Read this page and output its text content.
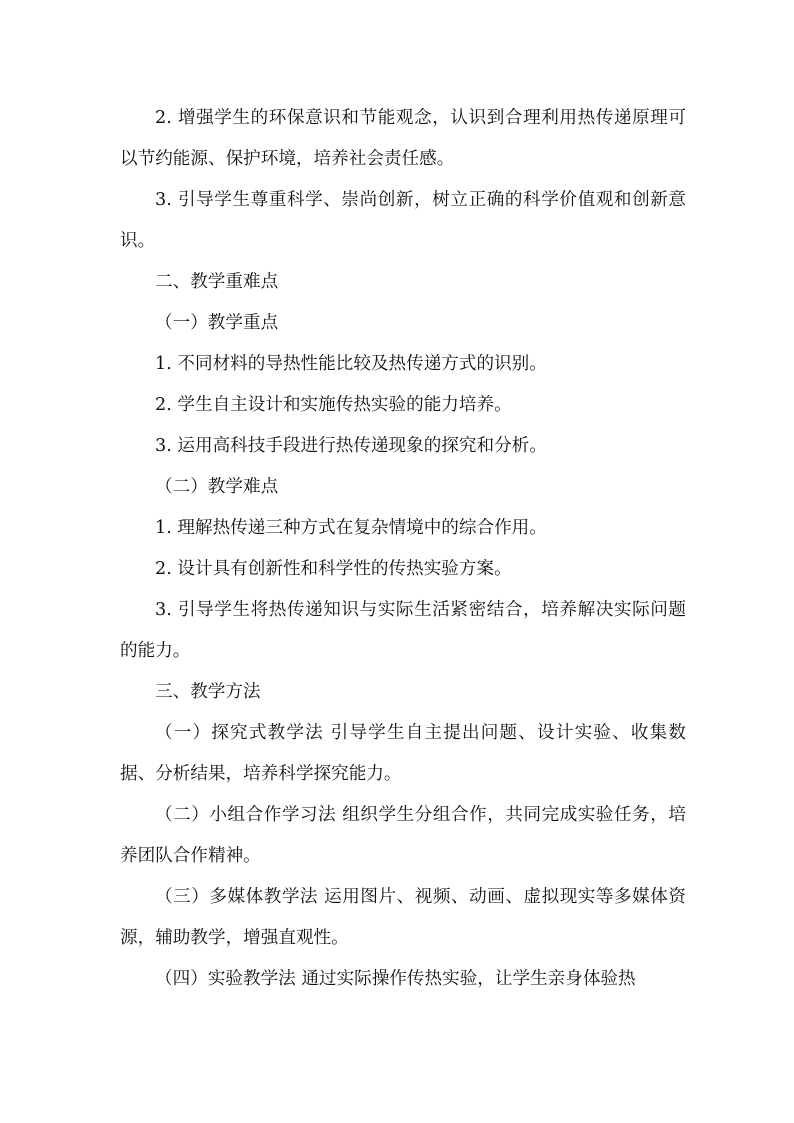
2. 增强学生的环保意识和节能观念，认识到合理利用热传递原理可以节约能源、保护环境，培养社会责任感。

3. 引导学生尊重科学、崇尚创新，树立正确的科学价值观和创新意识。

二、教学重难点

（一）教学重点

1. 不同材料的导热性能比较及热传递方式的识别。

2. 学生自主设计和实施传热实验的能力培养。

3. 运用高科技手段进行热传递现象的探究和分析。

（二）教学难点

1. 理解热传递三种方式在复杂情境中的综合作用。

2. 设计具有创新性和科学性的传热实验方案。

3. 引导学生将热传递知识与实际生活紧密结合，培养解决实际问题的能力。

三、教学方法

（一）探究式教学法 引导学生自主提出问题、设计实验、收集数据、分析结果，培养科学探究能力。

（二）小组合作学习法 组织学生分组合作，共同完成实验任务，培养团队合作精神。

（三）多媒体教学法 运用图片、视频、动画、虚拟现实等多媒体资源，辅助教学，增强直观性。

（四）实验教学法 通过实际操作传热实验，让学生亲身体验热
